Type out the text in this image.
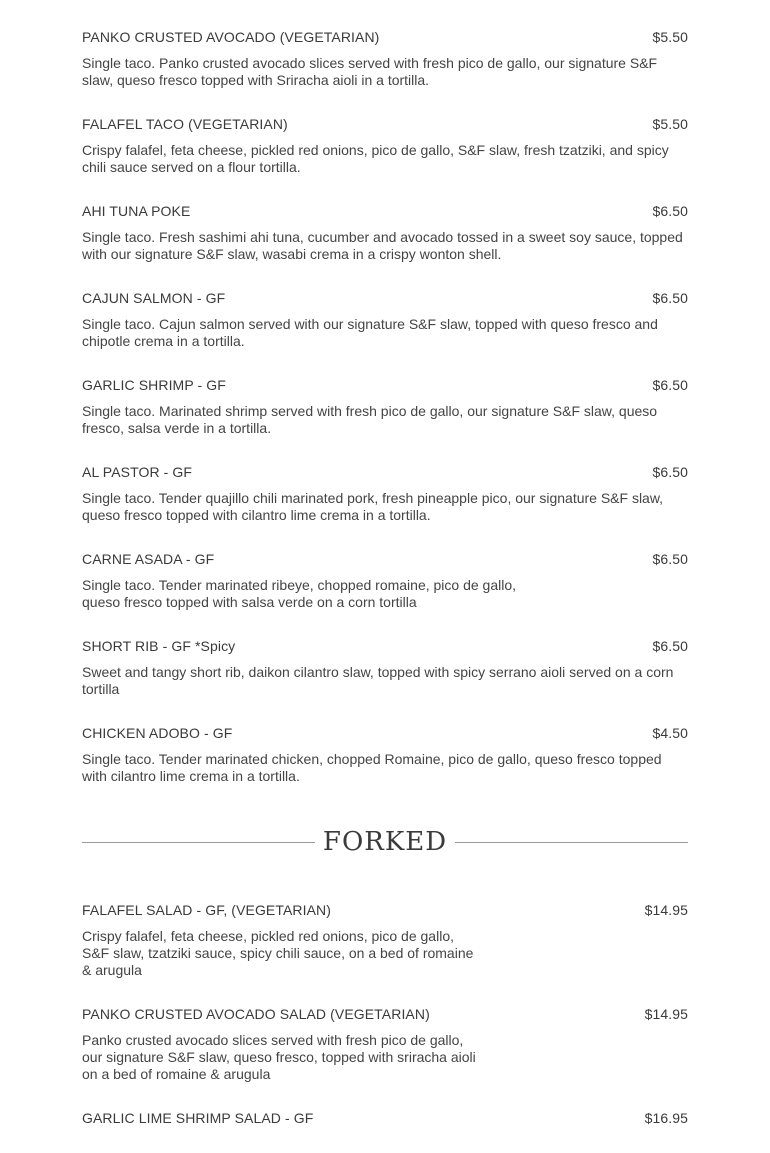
PANKO CRUSTED AVOCADO (VEGETARIAN)	$5.50
Single taco. Panko crusted avocado slices served with fresh pico de gallo, our signature S&F slaw, queso fresco topped with Sriracha aioli in a tortilla.
FALAFEL TACO (VEGETARIAN)	$5.50
Crispy falafel, feta cheese, pickled red onions, pico de gallo, S&F slaw, fresh tzatziki, and spicy chili sauce served on a flour tortilla.
AHI TUNA POKE	$6.50
Single taco. Fresh sashimi ahi tuna, cucumber and avocado tossed in a sweet soy sauce, topped with our signature S&F slaw, wasabi crema in a crispy wonton shell.
CAJUN SALMON - GF	$6.50
Single taco. Cajun salmon served with our signature S&F slaw, topped with queso fresco and chipotle crema in a tortilla.
GARLIC SHRIMP - GF	$6.50
Single taco. Marinated shrimp served with fresh pico de gallo, our signature S&F slaw, queso fresco, salsa verde in a tortilla.
AL PASTOR - GF	$6.50
Single taco. Tender quajillo chili marinated pork, fresh pineapple pico, our signature S&F slaw, queso fresco topped with cilantro lime crema in a tortilla.
CARNE ASADA - GF	$6.50
Single taco. Tender marinated ribeye, chopped romaine, pico de gallo, queso fresco topped with salsa verde on a corn tortilla
SHORT RIB - GF *Spicy	$6.50
Sweet and tangy short rib, daikon cilantro slaw, topped with spicy serrano aioli served on a corn tortilla
CHICKEN ADOBO - GF	$4.50
Single taco. Tender marinated chicken, chopped Romaine, pico de gallo, queso fresco topped with cilantro lime crema in a tortilla.
FORKED
FALAFEL SALAD - GF, (VEGETARIAN)	$14.95
Crispy falafel, feta cheese, pickled red onions, pico de gallo, S&F slaw, tzatziki sauce, spicy chili sauce, on a bed of romaine & arugula
PANKO CRUSTED AVOCADO SALAD (VEGETARIAN)	$14.95
Panko crusted avocado slices served with fresh pico de gallo, our signature S&F slaw, queso fresco, topped with sriracha aioli on a bed of romaine & arugula
GARLIC LIME SHRIMP SALAD - GF	$16.95
